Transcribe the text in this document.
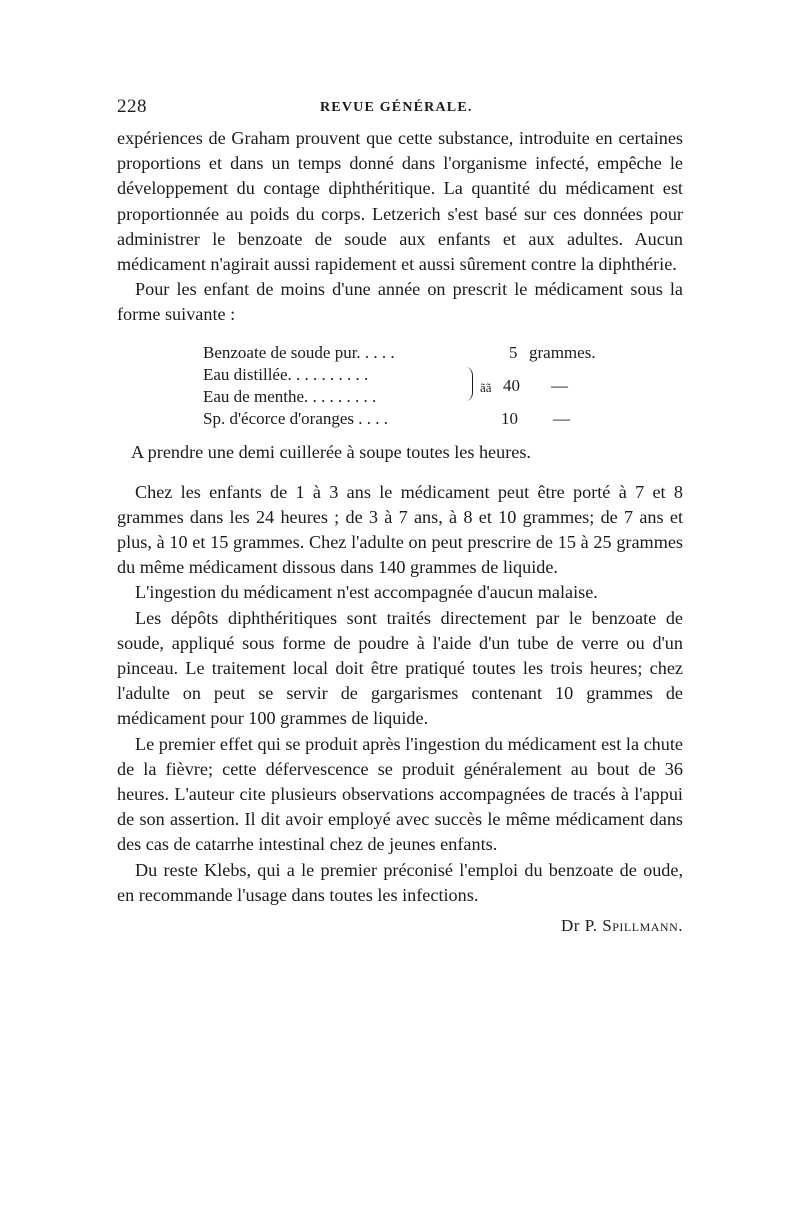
228	REVUE GÉNÉRALE.

expériences de Graham prouvent que cette substance, introduite en certaines proportions et dans un temps donné dans l'organisme infecté, empêche le développement du contage diphthéritique. La quantité du médicament est proportionnée au poids du corps. Letzerich s'est basé sur ces données pour administrer le benzoate de soude aux enfants et aux adultes. Aucun médicament n'agirait aussi rapidement et aussi sûrement contre la diphthérie.

Pour les enfant de moins d'une année on prescrit le médicament sous la forme suivante :

Benzoate de soude pur. . . . .	5 grammes.
Eau distillée. . . . . . . . . .
Eau de menthe. . . . . . . . .	ãã 40 —
Sp. d'écorce d'oranges . . . .	10 —
A prendre une demi cuillerée à soupe toutes les heures.

Chez les enfants de 1 à 3 ans le médicament peut être porté à 7 et 8 grammes dans les 24 heures ; de 3 à 7 ans, à 8 et 10 grammes; de 7 ans et plus, à 10 et 15 grammes. Chez l'adulte on peut prescrire de 15 à 25 grammes du même médicament dissous dans 140 grammes de liquide.

L'ingestion du médicament n'est accompagnée d'aucun malaise.

Les dépôts diphthéritiques sont traités directement par le benzoate de soude, appliqué sous forme de poudre à l'aide d'un tube de verre ou d'un pinceau. Le traitement local doit être pratiqué toutes les trois heures; chez l'adulte on peut se servir de gargarismes contenant 10 grammes de médicament pour 100 grammes de liquide.

Le premier effet qui se produit après l'ingestion du médicament est la chute de la fièvre; cette défervescence se produit généralement au bout de 36 heures. L'auteur cite plusieurs observations accompagnées de tracés à l'appui de son assertion. Il dit avoir employé avec succès le même médicament dans des cas de catarrhe intestinal chez de jeunes enfants.

Du reste Klebs, qui a le premier préconisé l'emploi du benzoate de oude, en recommande l'usage dans toutes les infections.

Dr P. Spillmann.
